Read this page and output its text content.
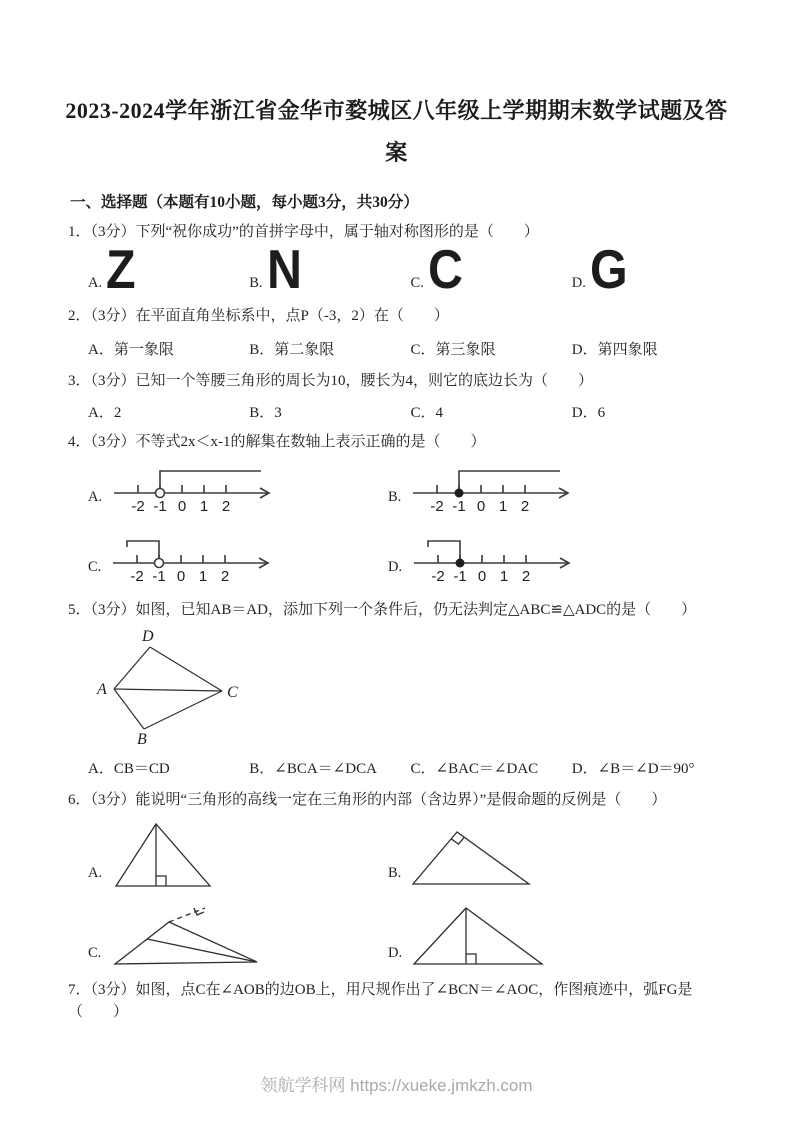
2023-2024学年浙江省金华市婺城区八年级上学期期末数学试题及答案
一、选择题（本题有10小题，每小题3分，共30分）

1．（3分）下列“祝你成功”的首拼字母中，属于轴对称图形的是（　　）

A. Z	B. N	C. C	D. G

2．（3分）在平面直角坐标系中，点P（-3，2）在（　　）

A．第一象限	B．第二象限	C．第三象限	D．第四象限

3．（3分）已知一个等腰三角形的周长为10，腰长为4，则它的底边长为（　　）

A．2	B．3	C．4	D．6

4．（3分）不等式2x＜x-1的解集在数轴上表示正确的是（　　）

A.
-2 -1 0 1 2
B.
-2 -1 0 1 2
C.
-2 -1 0 1 2
D.
-2 -1 0 1 2

5．（3分）如图，已知AB＝AD，添加下列一个条件后，仍无法判定△ABC≌△ADC的是（　　）

D
A	C
B
A．CB＝CD	B．∠BCA＝∠DCA	C．∠BAC＝∠DAC	D．∠B＝∠D＝90°

6．（3分）能说明“三角形的高线一定在三角形的内部（含边界）”是假命题的反例是（　　）

A.	B.
C.	D.

7．（3分）如图，点C在∠AOB的边OB上，用尺规作出了∠BCN＝∠AOC，作图痕迹中，弧FG是（　　）

领航学科网 https://xueke.jmkzh.com
